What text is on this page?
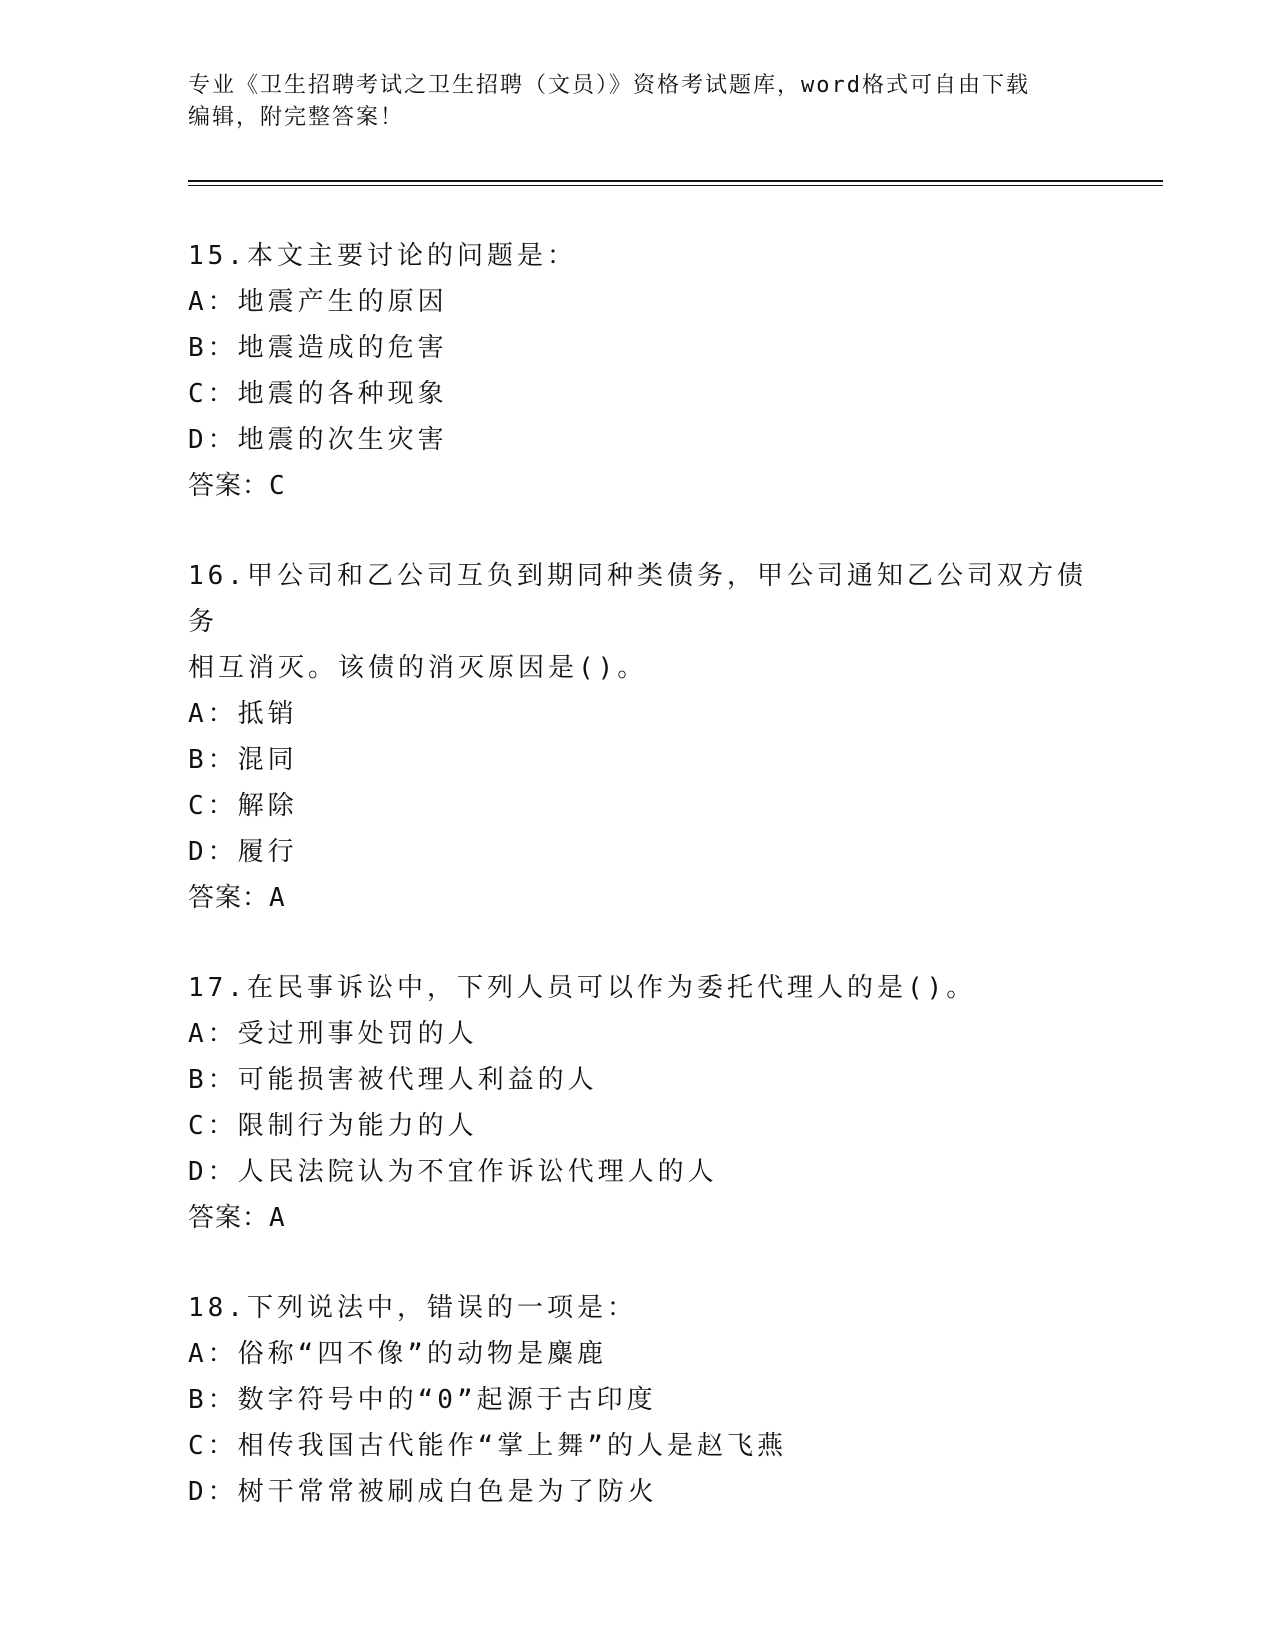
专业《卫生招聘考试之卫生招聘（文员）》资格考试题库，word格式可自由下载

编辑，附完整答案！

15.本文主要讨论的问题是：

A：地震产生的原因

B：地震造成的危害

C：地震的各种现象

D：地震的次生灾害

答案：C

16.甲公司和乙公司互负到期同种类债务，甲公司通知乙公司双方债务

相互消灭。该债的消灭原因是()。

A：抵销

B：混同

C：解除

D：履行

答案：A

17.在民事诉讼中，下列人员可以作为委托代理人的是()。

A：受过刑事处罚的人

B：可能损害被代理人利益的人

C：限制行为能力的人

D：人民法院认为不宜作诉讼代理人的人

答案：A

18.下列说法中，错误的一项是：

A：俗称“四不像”的动物是麋鹿

B：数字符号中的“0”起源于古印度

C：相传我国古代能作“掌上舞”的人是赵飞燕

D：树干常常被刷成白色是为了防火
